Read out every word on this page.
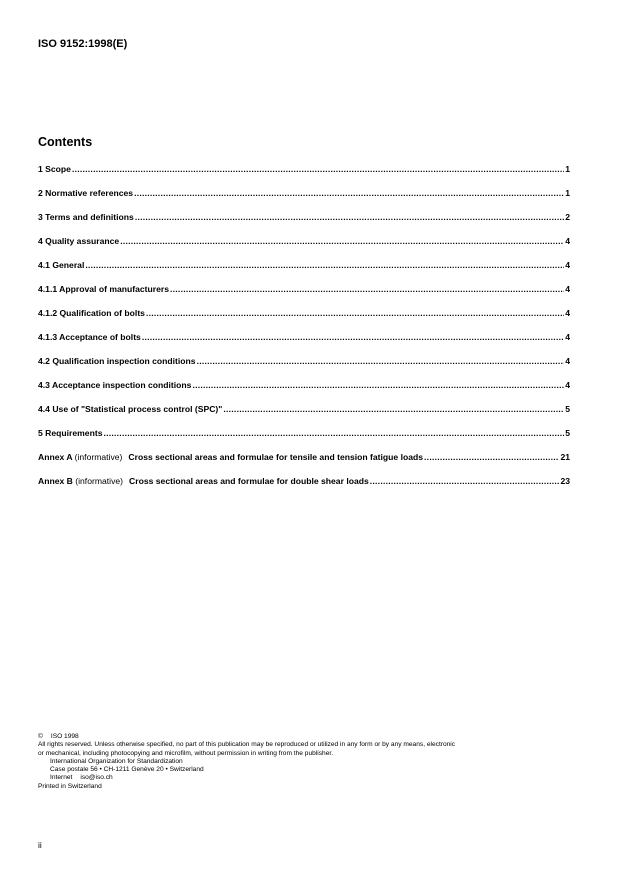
ISO 9152:1998(E)
Contents
1 Scope .....	1
2 Normative references .....	1
3 Terms and definitions .....	2
4 Quality assurance .....	4
4.1 General .....	4
4.1.1 Approval of manufacturers .....	4
4.1.2 Qualification of bolts .....	4
4.1.3 Acceptance of bolts .....	4
4.2 Qualification inspection conditions .....	4
4.3 Acceptance inspection conditions .....	4
4.4 Use of "Statistical process control (SPC)" .....	5
5 Requirements .....	5
Annex A (informative) Cross sectional areas and formulae for tensile and tension fatigue loads .....	21
Annex B (informative) Cross sectional areas and formulae for double shear loads .....	23
© ISO 1998
All rights reserved. Unless otherwise specified, no part of this publication may be reproduced or utilized in any form or by any means, electronic
or mechanical, including photocopying and microfilm, without permission in writing from the publisher.
International Organization for Standardization
Case postale 56 • CH-1211 Genève 20 • Switzerland
Internet iso@iso.ch
Printed in Switzerland
ii
